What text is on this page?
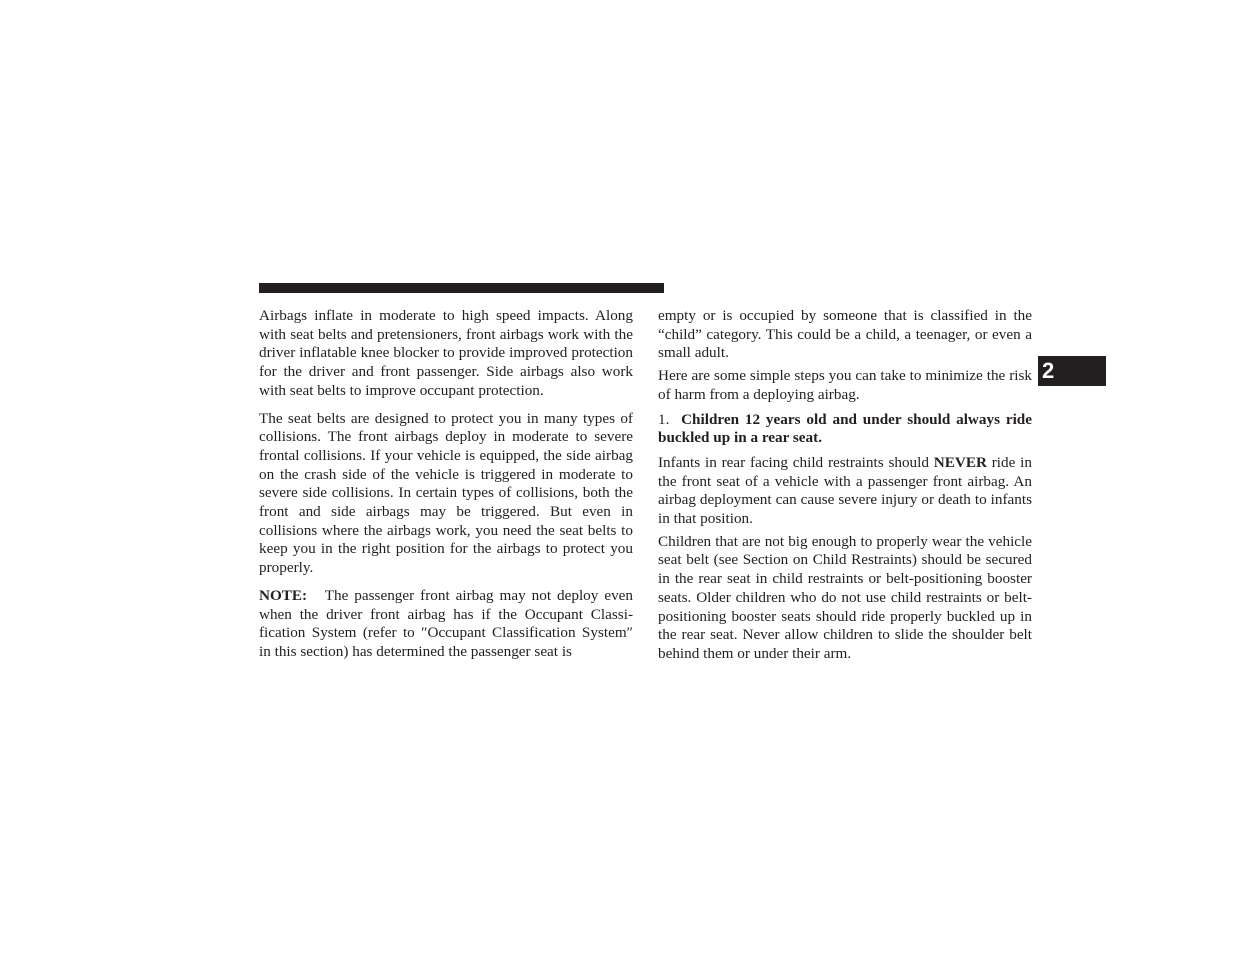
2

Airbags inflate in moderate to high speed impacts. Along with seat belts and pretensioners, front airbags work with the driver inflatable knee blocker to provide improved protection for the driver and front passenger. Side airbags also work with seat belts to improve occupant protection.

The seat belts are designed to protect you in many types of collisions. The front airbags deploy in moderate to severe frontal collisions. If your vehicle is equipped, the side airbag on the crash side of the vehicle is triggered in moderate to severe side collisions. In certain types of collisions, both the front and side airbags may be triggered. But even in collisions where the airbags work, you need the seat belts to keep you in the right position for the airbags to protect you properly.

NOTE: The passenger front airbag may not deploy even when the driver front airbag has if the Occupant Classification System (refer to ″Occupant Classification System″ in this section) has determined the passenger seat is

empty or is occupied by someone that is classified in the “child” category. This could be a child, a teenager, or even a small adult.

Here are some simple steps you can take to minimize the risk of harm from a deploying airbag.

1. Children 12 years old and under should always ride buckled up in a rear seat.

Infants in rear facing child restraints should NEVER ride in the front seat of a vehicle with a passenger front airbag. An airbag deployment can cause severe injury or death to infants in that position.

Children that are not big enough to properly wear the vehicle seat belt (see Section on Child Restraints) should be secured in the rear seat in child restraints or belt-positioning booster seats. Older children who do not use child restraints or belt-positioning booster seats should ride properly buckled up in the rear seat. Never allow children to slide the shoulder belt behind them or under their arm.
